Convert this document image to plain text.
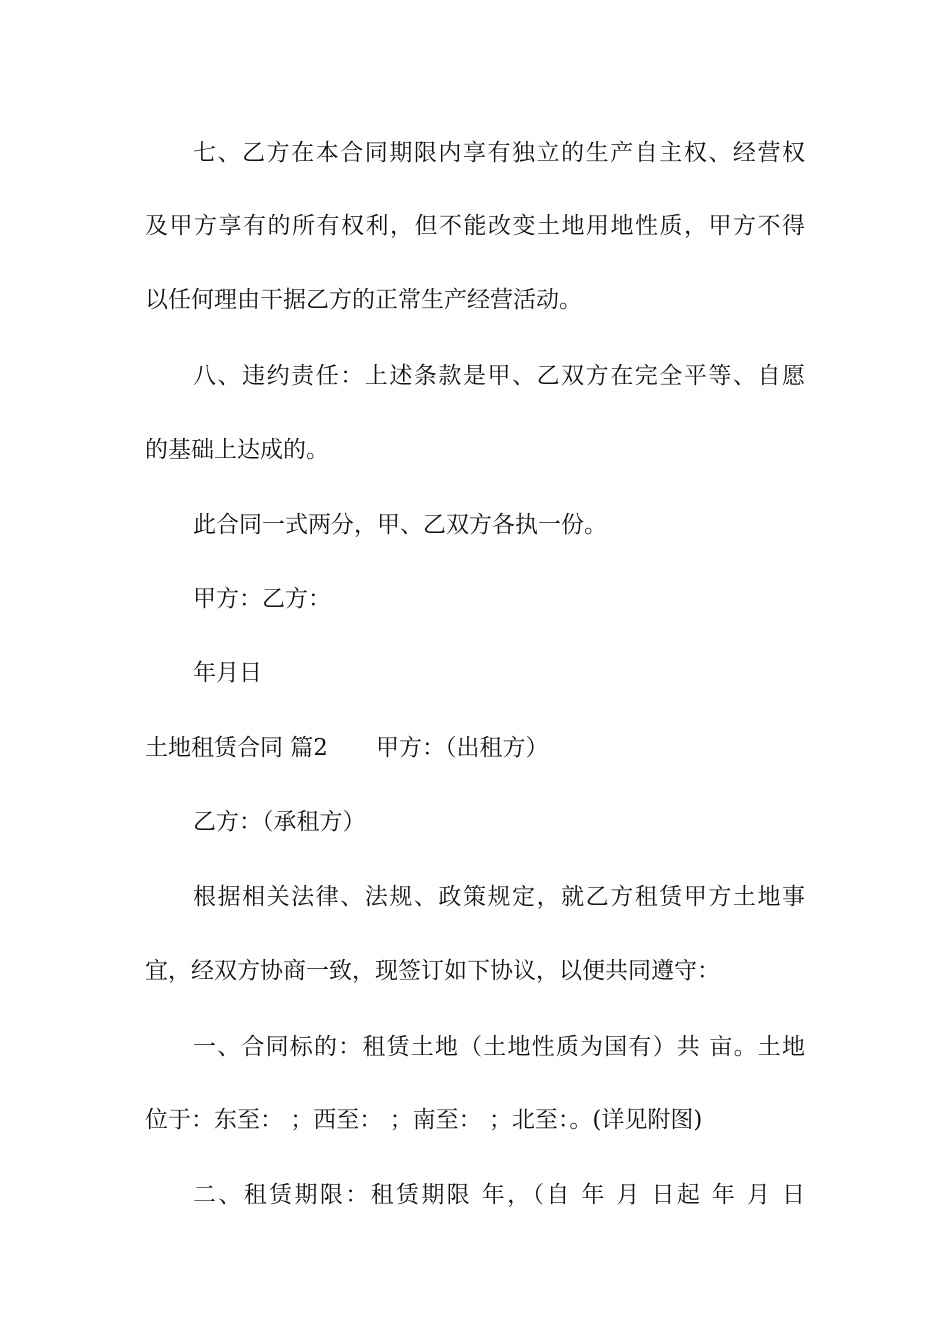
七、乙方在本合同期限内享有独立的生产自主权、经营权
及甲方享有的所有权利，但不能改变土地用地性质，甲方不得
以任何理由干据乙方的正常生产经营活动。
八、违约责任：上述条款是甲、乙双方在完全平等、自愿
的基础上达成的。
此合同一式两分，甲、乙双方各执一份。
甲方：乙方：
年月日
土地租赁合同 篇2 甲方：（出租方）
乙方：（承租方）
根据相关法律、法规、政策规定，就乙方租赁甲方土地事
宜，经双方协商一致，现签订如下协议，以便共同遵守：
一、合同标的：租赁土地（土地性质为国有）共 亩。土地
位于：东至： ；西至： ；南至： ；北至：。(详见附图)
二、租赁期限：租赁期限 年，（自 年 月 日起 年 月 日
